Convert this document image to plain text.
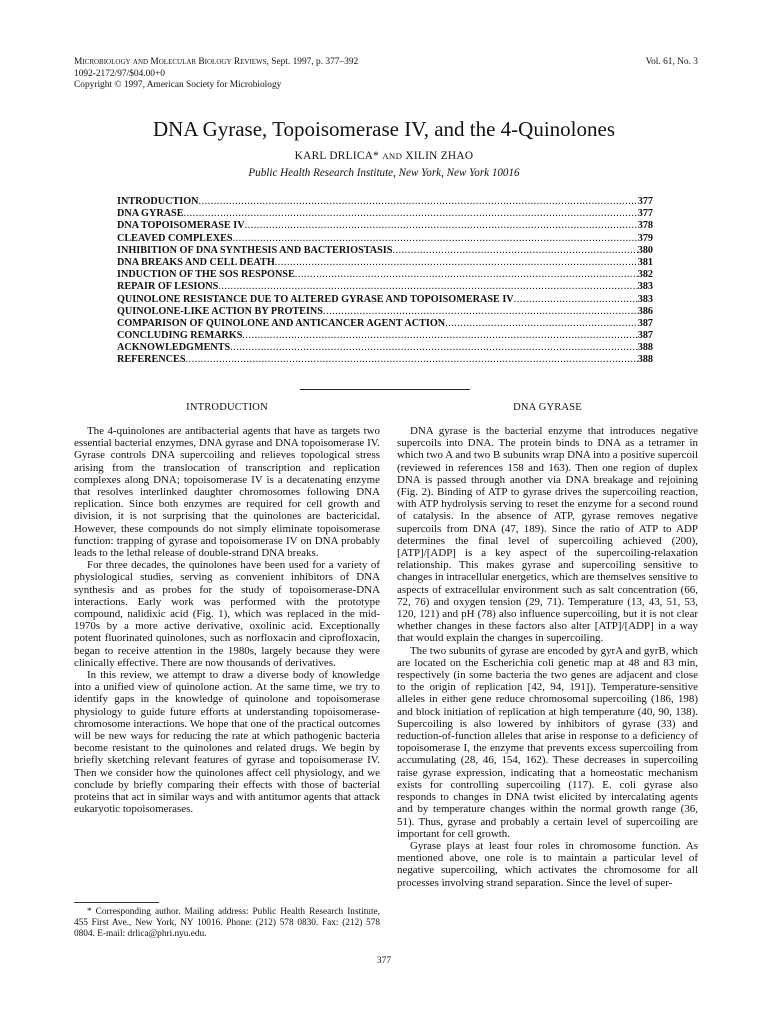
Microbiology and Molecular Biology Reviews, Sept. 1997, p. 377–392
1092-2172/97/$04.00+0
Copyright © 1997, American Society for Microbiology
Vol. 61, No. 3
DNA Gyrase, Topoisomerase IV, and the 4-Quinolones
KARL DRLICA* AND XILIN ZHAO
Public Health Research Institute, New York, New York 10016
INTRODUCTION .....	377
DNA GYRASE .....	377
DNA TOPOISOMERASE IV .....	378
CLEAVED COMPLEXES .....	379
INHIBITION OF DNA SYNTHESIS AND BACTERIOSTASIS .....	380
DNA BREAKS AND CELL DEATH .....	381
INDUCTION OF THE SOS RESPONSE .....	382
REPAIR OF LESIONS .....	383
QUINOLONE RESISTANCE DUE TO ALTERED GYRASE AND TOPOISOMERASE IV .....	383
QUINOLONE-LIKE ACTION BY PROTEINS .....	386
COMPARISON OF QUINOLONE AND ANTICANCER AGENT ACTION .....	387
CONCLUDING REMARKS .....	387
ACKNOWLEDGMENTS .....	388
REFERENCES .....	388
INTRODUCTION

The 4-quinolones are antibacterial agents that have as targets two essential bacterial enzymes, DNA gyrase and DNA topoisomerase IV. Gyrase controls DNA supercoiling and relieves topological stress arising from the translocation of transcription and replication complexes along DNA; topoisomerase IV is a decatenating enzyme that resolves interlinked daughter chromosomes following DNA replication. Since both enzymes are required for cell growth and division, it is not surprising that the quinolones are bactericidal. However, these compounds do not simply eliminate topoisomerase function: trapping of gyrase and topoisomerase IV on DNA probably leads to the lethal release of double-strand DNA breaks.

For three decades, the quinolones have been used for a variety of physiological studies, serving as convenient inhibitors of DNA synthesis and as probes for the study of topoisomerase-DNA interactions. Early work was performed with the prototype compound, nalidixic acid (Fig. 1), which was replaced in the mid-1970s by a more active derivative, oxolinic acid. Exceptionally potent fluorinated quinolones, such as norfloxacin and ciprofloxacin, began to receive attention in the 1980s, largely because they were clinically effective. There are now thousands of derivatives.

In this review, we attempt to draw a diverse body of knowledge into a unified view of quinolone action. At the same time, we try to identify gaps in the knowledge of quinolone and topoisomerase physiology to guide future efforts at understanding topoisomerase-chromosome interactions. We hope that one of the practical outcomes will be new ways for reducing the rate at which pathogenic bacteria become resistant to the quinolones and related drugs. We begin by briefly sketching relevant features of gyrase and topoisomerase IV. Then we consider how the quinolones affect cell physiology, and we conclude by briefly comparing their effects with those of bacterial proteins that act in similar ways and with antitumor agents that attack eukaryotic topoisomerases.

DNA GYRASE

DNA gyrase is the bacterial enzyme that introduces negative supercoils into DNA. The protein binds to DNA as a tetramer in which two A and two B subunits wrap DNA into a positive supercoil (reviewed in references 158 and 163). Then one region of duplex DNA is passed through another via DNA breakage and rejoining (Fig. 2). Binding of ATP to gyrase drives the supercoiling reaction, with ATP hydrolysis serving to reset the enzyme for a second round of catalysis. In the absence of ATP, gyrase removes negative supercoils from DNA (47, 189). Since the ratio of ATP to ADP determines the final level of supercoiling achieved (200), [ATP]/[ADP] is a key aspect of the supercoiling-relaxation relationship. This makes gyrase and supercoiling sensitive to changes in intracellular energetics, which are themselves sensitive to aspects of extracellular environment such as salt concentration (66, 72, 76) and oxygen tension (29, 71). Temperature (13, 43, 51, 53, 120, 121) and pH (78) also influence supercoiling, but it is not clear whether changes in these factors also alter [ATP]/[ADP] in a way that would explain the changes in supercoiling.

The two subunits of gyrase are encoded by gyrA and gyrB, which are located on the Escherichia coli genetic map at 48 and 83 min, respectively (in some bacteria the two genes are adjacent and close to the origin of replication [42, 94, 191]). Temperature-sensitive alleles in either gene reduce chromosomal supercoiling (186, 198) and block initiation of replication at high temperature (40, 90, 138). Supercoiling is also lowered by inhibitors of gyrase (33) and reduction-of-function alleles that arise in response to a deficiency of topoisomerase I, the enzyme that prevents excess supercoiling from accumulating (28, 46, 154, 162). These decreases in supercoiling raise gyrase expression, indicating that a homeostatic mechanism exists for controlling supercoiling (117). E. coli gyrase also responds to changes in DNA twist elicited by intercalating agents and by temperature changes within the normal growth range (36, 51). Thus, gyrase and probably a certain level of supercoiling are important for cell growth.

Gyrase plays at least four roles in chromosome function. As mentioned above, one role is to maintain a particular level of negative supercoiling, which activates the chromosome for all processes involving strand separation. Since the level of super-

* Corresponding author. Mailing address: Public Health Research Institute, 455 First Ave., New York, NY 10016. Phone: (212) 578 0830. Fax: (212) 578 0804. E-mail: drlica@phri.nyu.edu.

377
